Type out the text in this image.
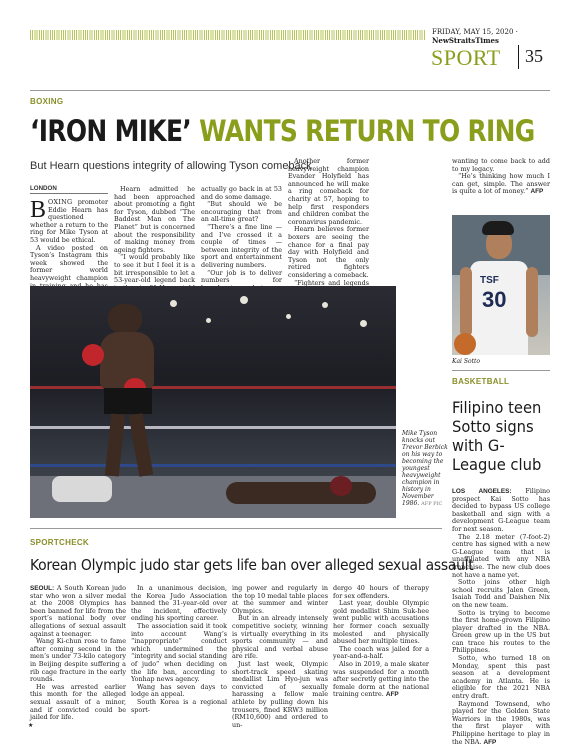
FRIDAY, MAY 15, 2020 · NewStraitsTimes
SPORT 35
BOXING
‘IRON MIKE’ WANTS RETURN TO RING
But Hearn questions integrity of allowing Tyson comeback
LONDON

BOXING promoter Eddie Hearn has questioned whether a return to the ring for Mike Tyson at 53 would be ethical.

A video posted on Tyson’s Instagram this week showed the former world heavyweight champion

Hearn admitted he had been approached about promoting a fight for Tyson, dubbed “The Baddest Man on The Planet” but is concerned about the responsibility of making money from ageing fighters.

“I would probably like to see it but I feel it is a bit irresponsible to let a 53-year-old legend back

actually go back in at 53 and do some damage.

“But should we be encouraging that from an all-time great?

“There’s a fine line — and I’ve crossed it a couple of times — between integrity of the sport and entertainment delivering numbers.

“Our job is to deliver numbers for

Another former heavyweight champion Evander Holyfield has announced he will make a ring comeback for charity at 57, hoping to help first responders and children combat the coronavirus pandemic.

Hearn believes former boxers are seeing the chance for a final pay day with Holyfield and Tyson not the only retired fighters considering a comeback.

“Fighters and legends

wanting to come back to add to my legacy.

“He’s thinking how much I can get, simple. The answer is quite a lot of money.” AFP

Mike Tyson knocks out Trevor Berbick on his way to becoming the youngest heavyweight champion in history in November 1986. AFP PIC
TSF
30
Kai Sotto
BASKETBALL
Filipino teen Sotto signs with G-League club

LOS ANGELES: Filipino prospect Kai Sotto has decided to bypass US college basketball and sign with a development G-League team for next season.

The 2.18 meter (7-foot-2) centre has signed with a new G-League team that is unaffiliated with any NBA franchise. The new club does not have a name yet.

Sotto joins other high school recruits Jalen Green, Isaiah Todd and Daishen Nix on the new team.

Sotto is trying to become the first home-grown Filipino player drafted in the NBA. Green grew up in the US but can trace his routes to the Philippines.

Sotto, who turned 18 on Monday, spent this past season at a development academy in Atlanta. He is eligible for the 2021 NBA entry draft.

Raymond Townsend, who played for the Golden State Warriors in the 1980s, was the first player with Philippine heritage to play in the NBA. AFP

SPORTCHECK
Korean Olympic judo star gets life ban over alleged sexual assault

SEOUL: A South Korean judo star who won a silver medal at the 2008 Olympics has been banned for life from the sport’s national body over allegations of sexual assault against a teenager.

Wang Ki-chun rose to fame after coming second in the men’s under 73-kilo category in Beijing despite suffering a rib cage fracture in the early rounds.

He was arrested earlier this month for the alleged sexual assault of a minor, and if convicted could be jailed for life.

In a unanimous decision, the Korea Judo Association banned the 31-year-old over the incident, effectively ending his sporting career.

The association said it took into account Wang’s “inappropriate” conduct which undermined the “integrity and social standing of judo” when deciding on the life ban, according to Yonhap news agency.

Wang has seven days to lodge an appeal.

South Korea is a regional sport-

ing power and regularly in the top 10 medal table places at the summer and winter Olympics.

But in an already intensely competitive society, winning is virtually everything in its sports community — and physical and verbal abuse are rife.

Just last week, Olympic short-track speed skating medallist Lim Hyo-jun was convicted of sexually harassing a fellow male athlete by pulling down his trousers, fined KRW3 million (RM10,600) and ordered to un-

dergo 40 hours of therapy for sex offenders.

Last year, double Olympic gold medallist Shim Suk-hee went public with accusations her former coach sexually molested and physically abused her multiple times.

The coach was jailed for a year-and-a-half.

Also in 2019, a male skater was suspended for a month after secretly getting into the female dorm at the national training centre. AFP

★
